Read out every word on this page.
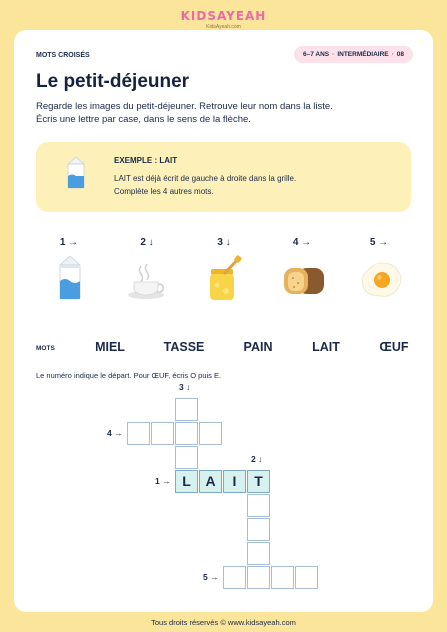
KIDSAYEAH
KidsAyeah.com
MOTS CROISÉS	6–7 ANS · INTERMÉDIAIRE · 08
Le petit-déjeuner
Regarde les images du petit-déjeuner. Retrouve leur nom dans la liste.
Écris une lettre par case, dans le sens de la flèche.
EXEMPLE : LAIT
LAIT est déjà écrit de gauche à droite dans la grille.
Complète les 4 autres mots.
1 →	2 ↓	3 ↓	4 →	5 →
MOTS	MIEL	TASSE	PAIN	LAIT	ŒUF
Le numéro indique le départ. Pour ŒUF, écris O puis E.
3 ↓
4 →
2 ↓
1 →
5 →
L	A	I	T
Tous droits réservés © www.kidsayeah.com
